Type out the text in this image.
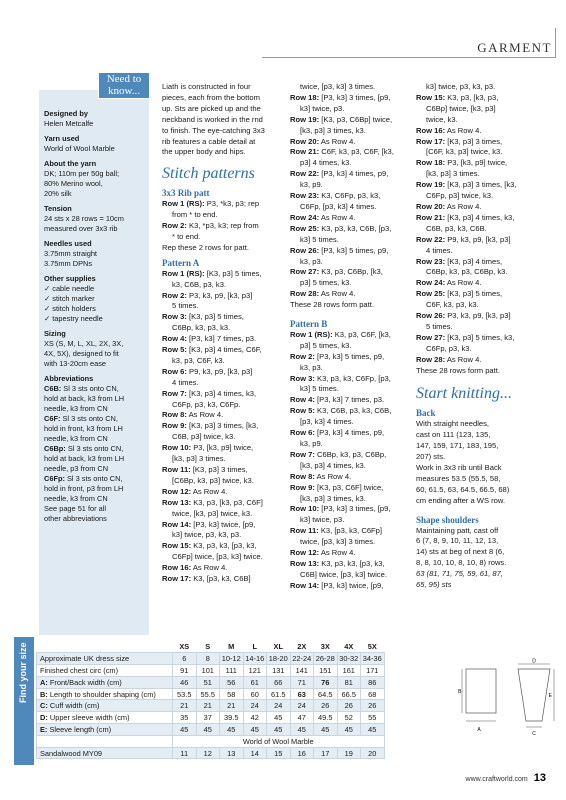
GARMENT
Designed by

Helen Metcalfe

Yarn used

World of Wool Marble

About the yarn

DK; 110m per 50g ball;

80% Merino wool,

20% silk

Tension

24 sts x 28 rows = 10cm

measured over 3x3 rib

Needles used

3.75mm straight

3.75mm DPNs

Other supplies

✓ cable needle

✓ stitch marker

✓ stitch holders

✓ tapestry needle

Sizing

XS (S, M, L, XL, 2X, 3X,

4X, 5X), designed to fit

with 13-20cm ease

Abbreviations

C6B: Sl 3 sts onto CN,

hold at back, k3 from LH

needle, k3 from CN

C6F: Sl 3 sts onto CN,

hold in front, k3 from LH

needle, k3 from CN

C6Bp: Sl 3 sts onto CN,

hold at back, k3 from LH

needle, p3 from CN

C6Fp: Sl 3 sts onto CN,

hold in front, p3 from LH

needle, k3 from CN

See page 51 for all

other abbreviations

Need to
know...	Liath is constructed in four

pieces, each from the bottom

up. Sts are picked up and the

neckband is worked in the rnd

to finish. The eye-catching 3x3

rib features a cable detail at

the upper body and hips.

Stitch patterns
3x3 Rib patt

Row 1 (RS): P3, *k3, p3; rep

from * to end.

Row 2: K3, *p3, k3; rep from

* to end.

Rep these 2 rows for patt.

Pattern A

Row 1 (RS): [K3, p3] 5 times,

k3, C6B, p3, k3.

Row 2: P3, k3, p9, [k3, p3]

5 times.

Row 3: [K3, p3] 5 times,

C6Bp, k3, p3, k3.

Row 4: [P3, k3] 7 times, p3.

Row 5: [K3, p3] 4 times, C6F,

k3, p3, C6F, k3.

Row 6: P9, k3, p9, [k3, p3]

4 times.

Row 7: [K3, p3] 4 times, k3,

C6Fp, p3, k3, C6Fp.

Row 8: As Row 4.

Row 9: [K3, p3] 3 times, [k3,

C6B, p3] twice, k3.

Row 10: P3, [k3, p9] twice,

[k3, p3] 3 times.

Row 11: [K3, p3] 3 times,

[C6Bp, k3, p3] twice, k3.

Row 12: As Row 4.

Row 13: K3, p3, [k3, p3, C6F]

twice, [k3, p3] twice, k3.

Row 14: [P3, k3] twice, [p9,

k3] twice, p3, k3, p3.

Row 15: K3, p3, k3, [p3, k3,

C6Fp] twice, [p3, k3] twice.

Row 16: As Row 4.

Row 17: K3, [p3, k3, C6B]

twice, [p3, k3] 3 times.

Row 18: [P3, k3] 3 times, [p9,

k3] twice, p3.

Row 19: [K3, p3, C6Bp] twice,

[k3, p3] 3 times, k3.

Row 20: As Row 4.

Row 21: C6F, k3, p3, C6F, [k3,

p3] 4 times, k3.

Row 22: [P3, k3] 4 times, p9,

k3, p9.

Row 23: K3, C6Fp, p3, k3,

C6Fp, [p3, k3] 4 times.

Row 24: As Row 4.

Row 25: K3, p3, k3, C6B, [p3,

k3] 5 times.

Row 26: [P3, k3] 5 times, p9,

k3, p3.

Row 27: K3, p3, C6Bp, [k3,

p3] 5 times, k3.

Row 28: As Row 4.

These 28 rows form patt.

Pattern B

Row 1 (RS): K3, p3, C6F, [k3,

p3] 5 times, k3.

Row 2: [P3, k3] 5 times, p9,

k3, p3.

Row 3: K3, p3, k3, C6Fp, [p3,

k3] 5 times.

Row 4: [P3, k3] 7 times, p3.

Row 5: K3, C6B, p3, k3, C6B,

[p3, k3] 4 times.

Row 6: [P3, k3] 4 times, p9,

k3, p9.

Row 7: C6Bp, k3, p3, C6Bp,

[k3, p3] 4 times, k3.

Row 8: As Row 4.

Row 9: [K3, p3, C6F] twice,

[k3, p3] 3 times, k3.

Row 10: [P3, k3] 3 times, [p9,

k3] twice, p3.

Row 11: K3, [p3, k3, C6Fp]

twice, [p3, k3] 3 times.

Row 12: As Row 4.

Row 13: K3, p3, k3, [p3, k3,

C6B] twice, [p3, k3] twice.

Row 14: [P3, k3] twice, [p9,

k3] twice, p3, k3, p3.

Row 15: K3, p3, [k3, p3,

C6Bp] twice, [k3, p3]

twice, k3.

Row 16: As Row 4.

Row 17: [K3, p3] 3 times,

[C6F, k3, p3] twice, k3.

Row 18: P3, [k3, p9] twice,

[k3, p3] 3 times.

Row 19: [K3, p3] 3 times, [k3,

C6Fp, p3] twice, k3.

Row 20: As Row 4.

Row 21: [K3, p3] 4 times, k3,

C6B, p3, k3, C6B.

Row 22: P9, k3, p9, [k3, p3]

4 times.

Row 23: [K3, p3] 4 times,

C6Bp, k3, p3, C6Bp, k3.

Row 24: As Row 4.

Row 25: [K3, p3] 5 times,

C6F, k3, p3, k3.

Row 26: P3, k3, p9, [k3, p3]

5 times.

Row 27: [K3, p3] 5 times, k3,

C6Fp, p3, k3.

Row 28: As Row 4.

These 28 rows form patt.

Start knitting...
Back

With straight needles,

cast on 111 (123, 135,

147, 159, 171, 183, 195,

207) sts.

Work in 3x3 rib until Back

measures 53.5 (55.5, 58,

60, 61.5, 63, 64.5, 66.5, 68)

cm ending after a WS row.

Shape shoulders

Maintaining patt, cast off

6 (7, 8, 9, 10, 11, 12, 13,

14) sts at beg of next 8 (6,

8, 8, 10, 10, 8, 10, 8) rows.

63 (81, 71, 75, 59, 61, 87,

65, 95) sts

Find your size
		XS	S	M	L	XL	2X	3X	4X	5X
Approximate UK dress size	6	8	10-12	14-16	18-20	22-24	26-28	30-32	34-36
Finished chest circ (cm)	91	101	111	121	131	141	151	161	171
A: Front/Back width (cm)	46	51	56	61	66	71	76	81	86
B: Length to shoulder shaping (cm)	53.5	55.5	58	60	61.5	63	64.5	66.5	68
C: Cuff width (cm)	21	21	21	24	24	24	26	26	26
D: Upper sleeve width (cm)	35	37	39.5	42	45	47	49.5	52	55
E: Sleeve length (cm)	45	45	45	45	45	45	45	45	45
	World of Wool Marble								
Sandalwood MY09	11	12	13	14	15	16	17	19	20
A
B
C
D
E
www.craftworld.com 13
